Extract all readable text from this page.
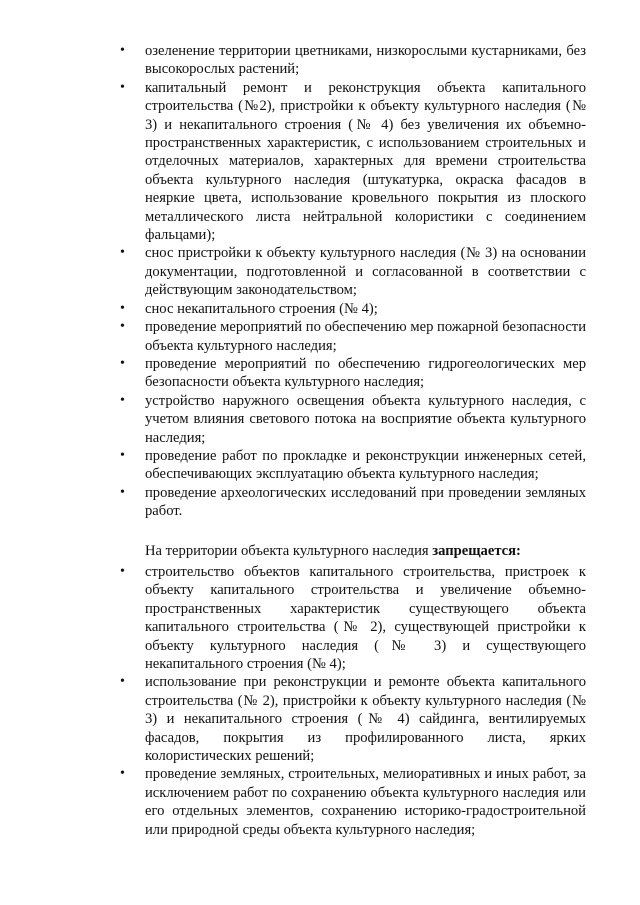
• озеленение территории цветниками, низкорослыми кустарниками, без высокорослых растений;
• капитальный ремонт и реконструкция объекта капитального строительства (№2), пристройки к объекту культурного наследия (№ 3) и некапитального строения (№ 4) без увеличения их объемно-пространственных характеристик, с использованием строительных и отделочных материалов, характерных для времени строительства объекта культурного наследия (штукатурка, окраска фасадов в неяркие цвета, использование кровельного покрытия из плоского металлического листа нейтральной колористики с соединением фальцами);
• снос пристройки к объекту культурного наследия (№ 3) на основании документации, подготовленной и согласованной в соответствии с действующим законодательством;
• снос некапитального строения (№ 4);
• проведение мероприятий по обеспечению мер пожарной безопасности объекта культурного наследия;
• проведение мероприятий по обеспечению гидрогеологических мер безопасности объекта культурного наследия;
• устройство наружного освещения объекта культурного наследия, с учетом влияния светового потока на восприятие объекта культурного наследия;
• проведение работ по прокладке и реконструкции инженерных сетей, обеспечивающих эксплуатацию объекта культурного наследия;
• проведение археологических исследований при проведении земляных работ.

На территории объекта культурного наследия запрещается:

• строительство объектов капитального строительства, пристроек к объекту капитального строительства и увеличение объемно-пространственных характеристик существующего объекта капитального строительства (№ 2), существующей пристройки к объекту культурного наследия (№ 3) и существующего некапитального строения (№ 4);
• использование при реконструкции и ремонте объекта капитального строительства (№ 2), пристройки к объекту культурного наследия (№ 3) и некапитального строения (№ 4) сайдинга, вентилируемых фасадов, покрытия из профилированного листа, ярких колористических решений;
• проведение земляных, строительных, мелиоративных и иных работ, за исключением работ по сохранению объекта культурного наследия или его отдельных элементов, сохранению историко-градостроительной или природной среды объекта культурного наследия;
